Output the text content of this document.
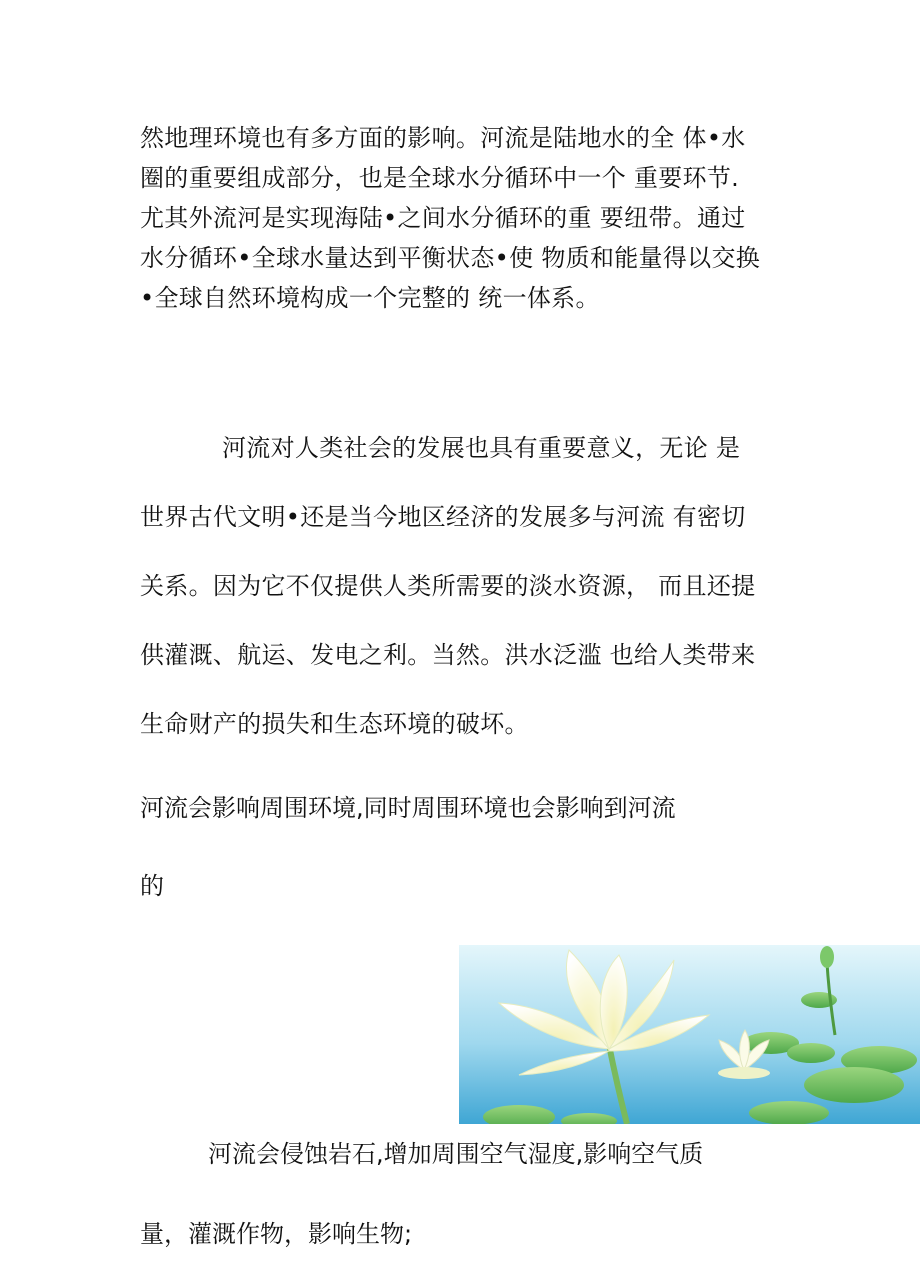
然地理环境也有多方面的影响。河流是陆地水的全 体•水
圈的重要组成部分，也是全球水分循环中一个 重要环节.
尤其外流河是实现海陆•之间水分循环的重 要纽带。通过
水分循环•全球水量达到平衡状态•使 物质和能量得以交换
•全球自然环境构成一个完整的 统一体系。
河流对人类社会的发展也具有重要意义，无论 是
世界古代文明•还是当今地区经济的发展多与河流 有密切
关系。因为它不仅提供人类所需要的淡水资源， 而且还提
供灌溉、航运、发电之利。当然。洪水泛滥 也给人类带来
生命财产的损失和生态环境的破坏。
河流会影响周围环境,同时周围环境也会影响到河流
的
河流会侵蚀岩石,增加周围空气湿度,影响空气质
量，灌溉作物，影响生物;
